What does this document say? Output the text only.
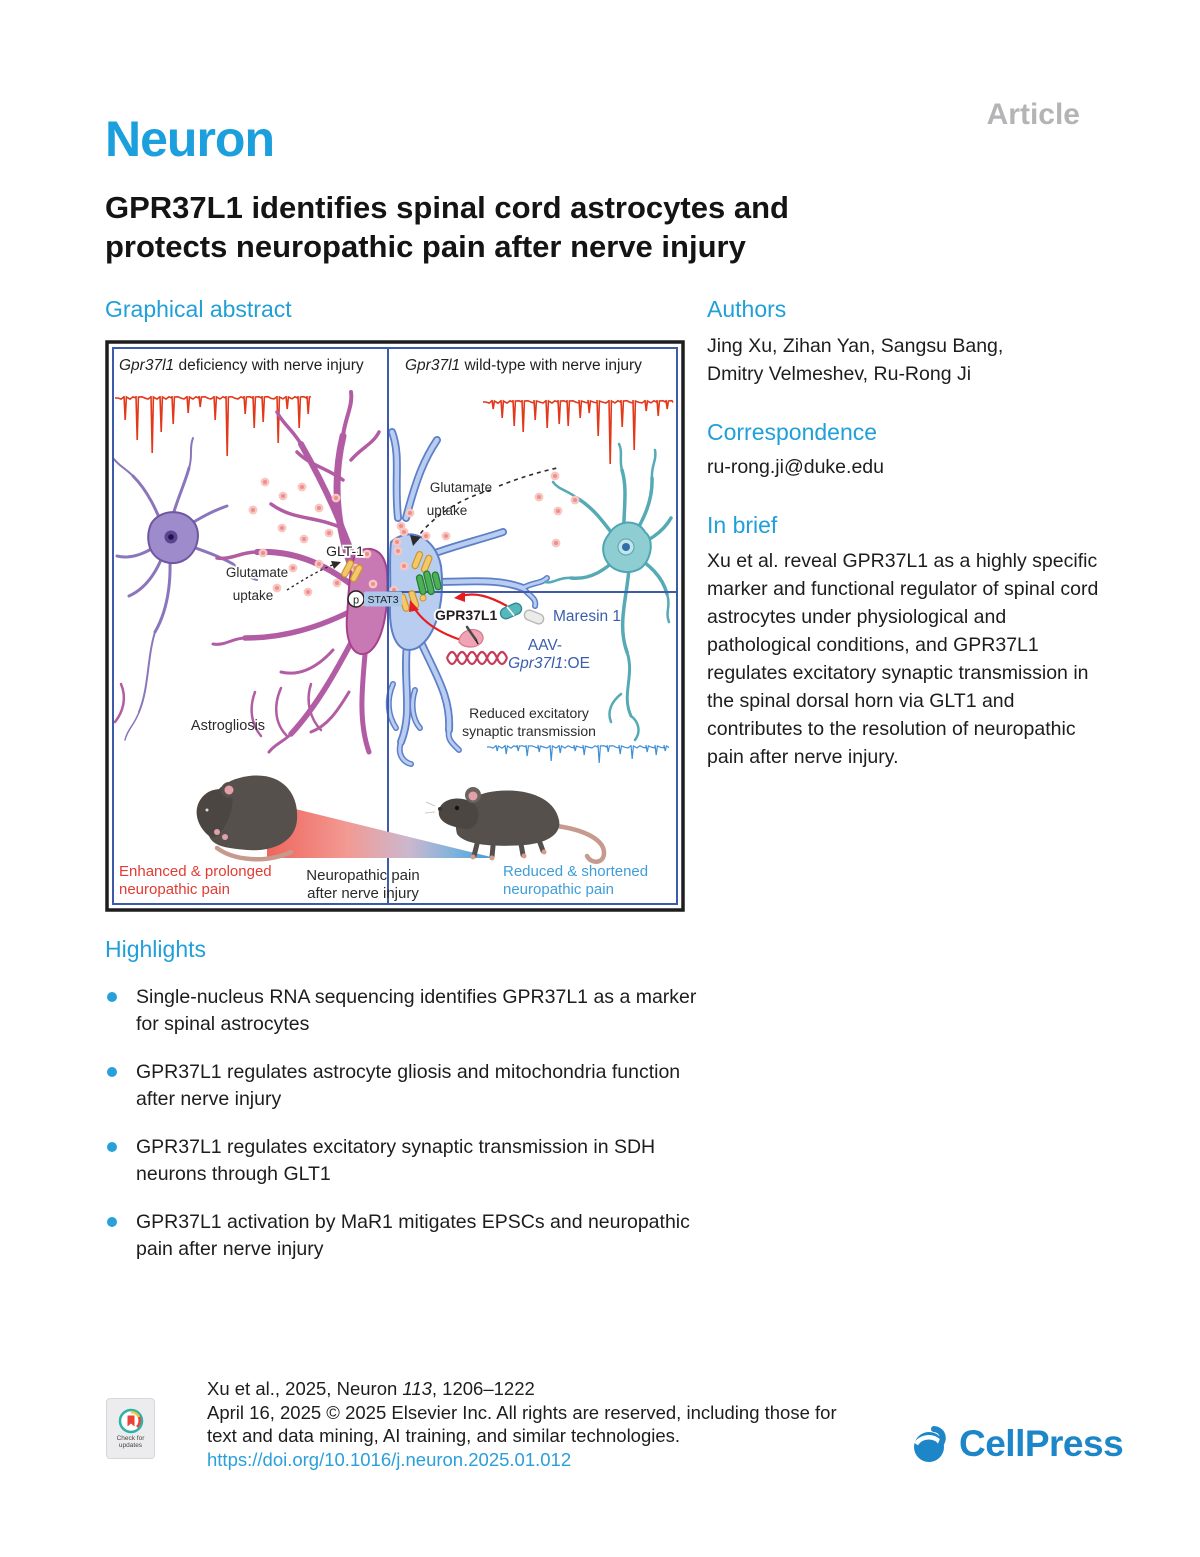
Article
Neuron
GPR37L1 identifies spinal cord astrocytes and
protects neuropathic pain after nerve injury
Graphical abstract
Gpr37l1 deficiency with nerve injury	Gpr37l1 wild-type with nerve injury
p STAT3
GLT-1
Glutamate
uptake
Glutamate
uptake
GPR37L1	Maresin 1
AAV-
Gpr37l1:OE
Astrogliosis
Reduced excitatory
synaptic transmission
Enhanced & prolonged
neuropathic pain
Neuropathic pain
after nerve injury
Reduced & shortened
neuropathic pain
Authors
Jing Xu, Zihan Yan, Sangsu Bang,
Dmitry Velmeshev, Ru-Rong Ji
Correspondence
ru-rong.ji@duke.edu
In brief
Xu et al. reveal GPR37L1 as a highly specific marker and functional regulator of spinal cord astrocytes under physiological and pathological conditions, and GPR37L1 regulates excitatory synaptic transmission in the spinal dorsal horn via GLT1 and contributes to the resolution of neuropathic pain after nerve injury.
Highlights
Single-nucleus RNA sequencing identifies GPR37L1 as a marker for spinal astrocytes
GPR37L1 regulates astrocyte gliosis and mitochondria function after nerve injury
GPR37L1 regulates excitatory synaptic transmission in SDH neurons through GLT1
GPR37L1 activation by MaR1 mitigates EPSCs and neuropathic pain after nerve injury
Check for
updates
Xu et al., 2025, Neuron 113, 1206–1222
April 16, 2025 © 2025 Elsevier Inc. All rights are reserved, including those for
text and data mining, AI training, and similar technologies.
https://doi.org/10.1016/j.neuron.2025.01.012	CellPress
